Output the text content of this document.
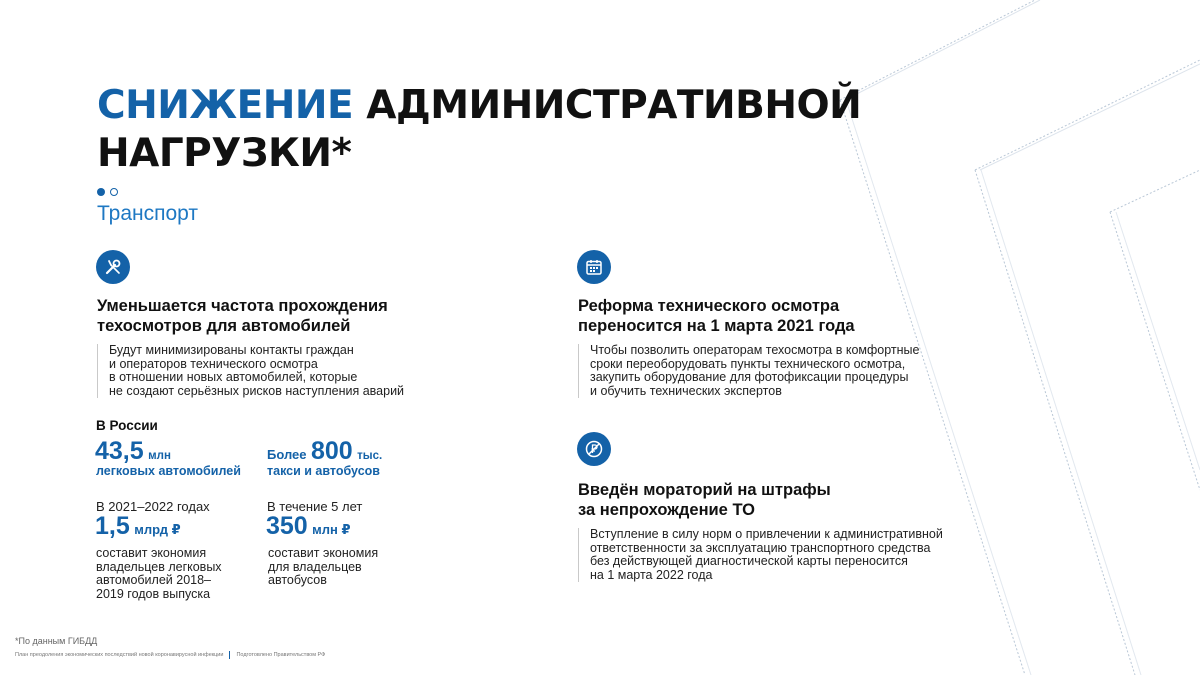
СНИЖЕНИЕ АДМИНИСТРАТИВНОЙ
НАГРУЗКИ*
Транспорт
Уменьшается частота прохождения
техосмотров для автомобилей
Будут минимизированы контакты граждан
и операторов технического осмотра
в отношении новых автомобилей, которые
не создают серьёзных рисков наступления аварий
В России
43,5 млн
легковых автомобилей
Более 800 тыс.
такси и автобусов
В 2021–2022 годах
1,5 млрд ₽
составит экономия
владельцев легковых
автомобилей 2018–
2019 годов выпуска
В течение 5 лет
350 млн ₽
составит экономия
для владельцев
автобусов
Реформа технического осмотра
переносится на 1 марта 2021 года
Чтобы позволить операторам техосмотра в комфортные
сроки переоборудовать пункты технического осмотра,
закупить оборудование для фотофиксации процедуры
и обучить технических экспертов
Введён мораторий на штрафы
за непрохождение ТО
Вступление в силу норм о привлечении к административной
ответственности за эксплуатацию транспортного средства
без действующей диагностической карты переносится
на 1 марта 2022 года
*По данным ГИБДД
План преодоления экономических последствий новой коронавирусной инфекции Подготовлено Правительством РФ
